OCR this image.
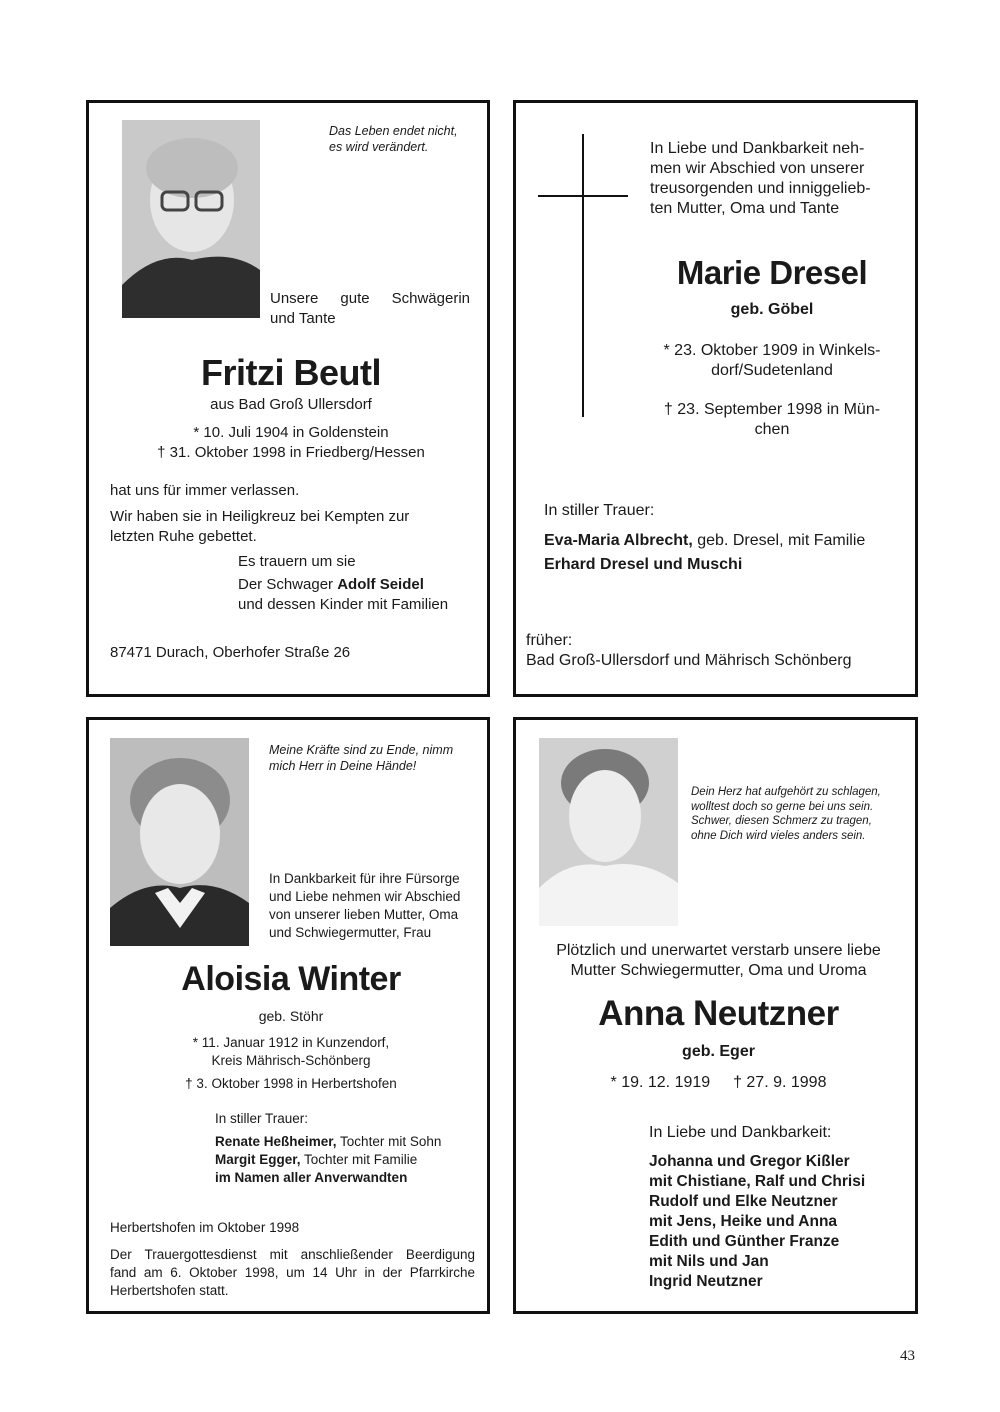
Das Leben endet nicht,
es wird verändert.
Unsere gute Schwägerin
und Tante
Fritzi Beutl
aus Bad Groß Ullersdorf
* 10. Juli 1904 in Goldenstein
† 31. Oktober 1998 in Friedberg/Hessen
hat uns für immer verlassen.
Wir haben sie in Heiligkreuz bei Kempten zur
letzten Ruhe gebettet.
Es trauern um sie
Der Schwager Adolf Seidel
und dessen Kinder mit Familien
87471 Durach, Oberhofer Straße 26
In Liebe und Dankbarkeit neh-
men wir Abschied von unserer
treusorgenden und inniggelieb-
ten Mutter, Oma und Tante
Marie Dresel
geb. Göbel
* 23. Oktober 1909 in Winkels-
dorf/Sudetenland
† 23. September 1998 in Mün-
chen
In stiller Trauer:
Eva-Maria Albrecht, geb. Dresel, mit Familie
Erhard Dresel und Muschi
früher:
Bad Groß-Ullersdorf und Mährisch Schönberg
Meine Kräfte sind zu Ende, nimm
mich Herr in Deine Hände!
In Dankbarkeit für ihre Fürsorge
und Liebe nehmen wir Abschied
von unserer lieben Mutter, Oma
und Schwiegermutter, Frau
Aloisia Winter
geb. Stöhr
* 11. Januar 1912 in Kunzendorf,
Kreis Mährisch-Schönberg
† 3. Oktober 1998 in Herbertshofen
In stiller Trauer:
Renate Heßheimer, Tochter mit Sohn
Margit Egger, Tochter mit Familie
im Namen aller Anverwandten
Herbertshofen im Oktober 1998
Der Trauergottesdienst mit anschließender Beerdigung
fand am 6. Oktober 1998, um 14 Uhr in der Pfarrkirche
Herbertshofen statt.
Dein Herz hat aufgehört zu schlagen,
wolltest doch so gerne bei uns sein.
Schwer, diesen Schmerz zu tragen,
ohne Dich wird vieles anders sein.
Plötzlich und unerwartet verstarb unsere liebe
Mutter Schwiegermutter, Oma und Uroma
Anna Neutzner
geb. Eger
* 19. 12. 1919 † 27. 9. 1998
In Liebe und Dankbarkeit:
Johanna und Gregor Kißler
mit Chistiane, Ralf und Chrisi
Rudolf und Elke Neutzner
mit Jens, Heike und Anna
Edith und Günther Franze
mit Nils und Jan
Ingrid Neutzner
43
